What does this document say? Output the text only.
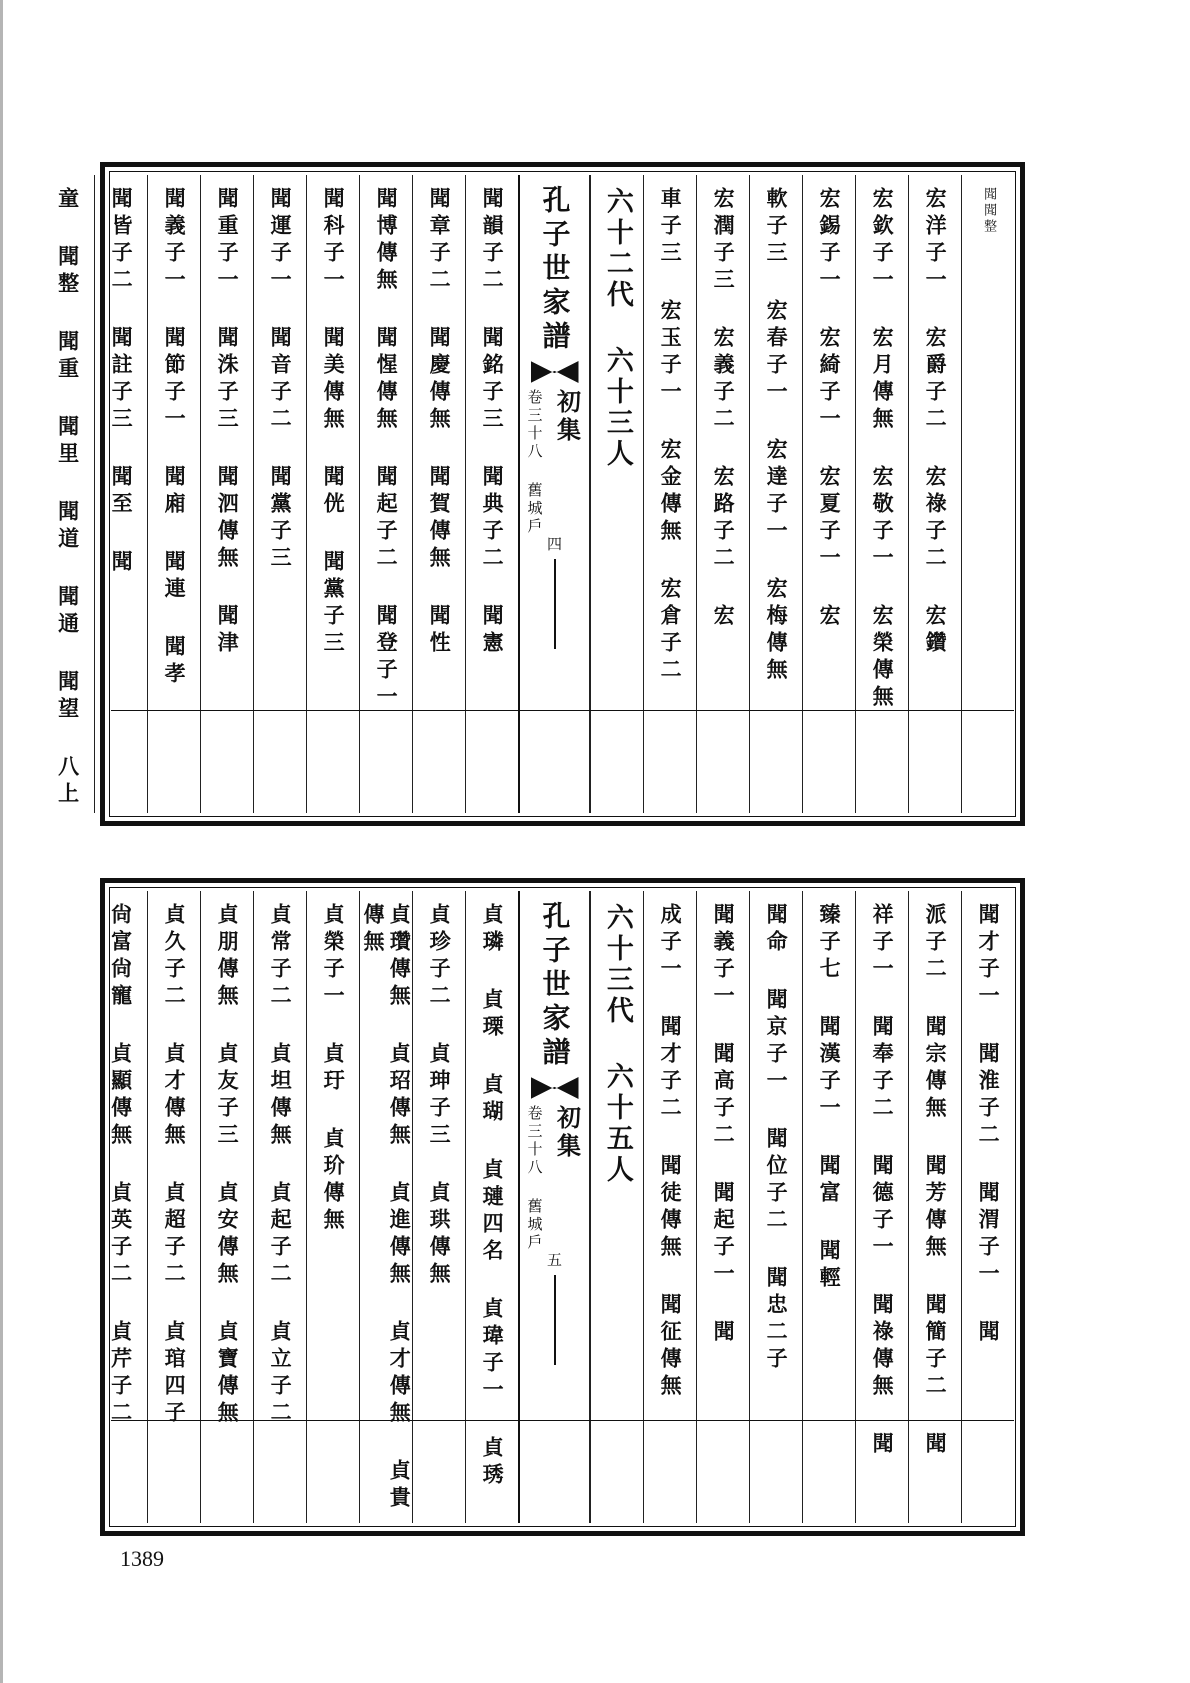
聞聞整
宏洋子一 宏爵子二 宏祿子二 宏鑽
宏欽子一 宏月傳無 宏敬子一 宏榮傳無
宏錫子一 宏綺子一 宏夏子一 宏
軟子三 宏春子一 宏達子一 宏梅傳無
宏潤子三 宏義子二 宏路子二 宏
車子三 宏玉子一 宏金傳無 宏倉子二
六十二代 六十三人
孔子世家譜
初集
卷三十八 舊城戶
四
聞韻子二 聞銘子三 聞典子二 聞憲
聞章子二 聞慶傳無 聞賀傳無 聞性
聞博傳無 聞惺傳無 聞起子二 聞登子一
聞科子一 聞美傳無 聞侊 聞黨子三
聞運子一 聞音子二 聞黨子三
聞重子一 聞洙子三 聞泗傳無 聞津
聞義子一 聞節子一 聞廂 聞連 聞孝
聞皆子二 聞註子三 聞至 聞
童 聞整 聞重 聞里 聞道 聞通 聞望 八上
聞才子一 聞淮子二 聞渭子一 聞
派子二 聞宗傳無 聞芳傳無 聞簡子二 聞
祥子一 聞奉子二 聞德子一 聞祿傳無 聞
臻子七 聞漢子一 聞富 聞輕
聞命 聞京子一 聞位子二 聞忠二子
聞義子一 聞高子二 聞起子一 聞
成子一 聞才子二 聞徒傳無 聞征傳無
六十三代 六十五人
孔子世家譜
初集
卷三十八 舊城戶
五
貞璘 貞瑮 貞瑚 貞璉四名 貞瑋子一 貞琇
貞珍子二 貞珅子三 貞珙傳無
貞瓚傳無 貞玿傳無 貞進傳無 貞才傳無 貞貴傳無
貞榮子一 貞玗 貞玠傳無
貞常子二 貞坦傳無 貞起子二 貞立子二
貞朋傳無 貞友子三 貞安傳無 貞寶傳無
貞久子二 貞才傳無 貞超子二 貞琯四子
尙富尙寵 貞顯傳無 貞英子二 貞芹子二
1389
